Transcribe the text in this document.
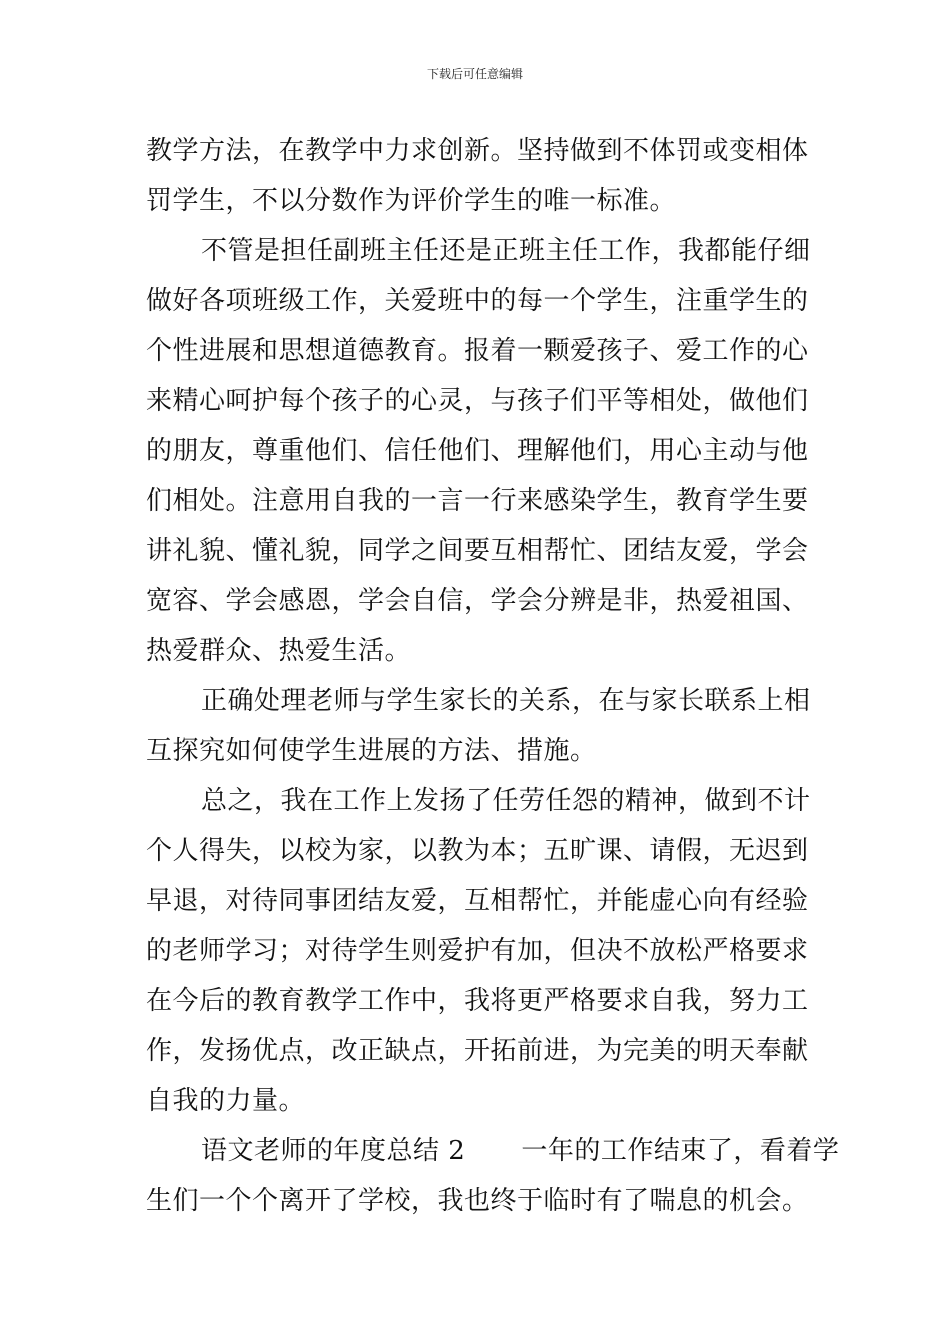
下载后可任意编辑
教学方法，在教学中力求创新。坚持做到不体罚或变相体
罚学生，不以分数作为评价学生的唯一标准。
不管是担任副班主任还是正班主任工作，我都能仔细
做好各项班级工作，关爱班中的每一个学生，注重学生的
个性进展和思想道德教育。报着一颗爱孩子、爱工作的心
来精心呵护每个孩子的心灵，与孩子们平等相处，做他们
的朋友，尊重他们、信任他们、理解他们，用心主动与他
们相处。注意用自我的一言一行来感染学生，教育学生要
讲礼貌、懂礼貌，同学之间要互相帮忙、团结友爱，学会
宽容、学会感恩，学会自信，学会分辨是非，热爱祖国、
热爱群众、热爱生活。
正确处理老师与学生家长的关系，在与家长联系上相
互探究如何使学生进展的方法、措施。
总之，我在工作上发扬了任劳任怨的精神，做到不计
个人得失，以校为家，以教为本；五旷课、请假，无迟到
早退，对待同事团结友爱，互相帮忙，并能虚心向有经验
的老师学习；对待学生则爱护有加，但决不放松严格要求
在今后的教育教学工作中，我将更严格要求自我，努力工
作，发扬优点，改正缺点，开拓前进，为完美的明天奉献
自我的力量。
语文老师的年度总结 2 一年的工作结束了，看着学
生们一个个离开了学校，我也终于临时有了喘息的机会。
